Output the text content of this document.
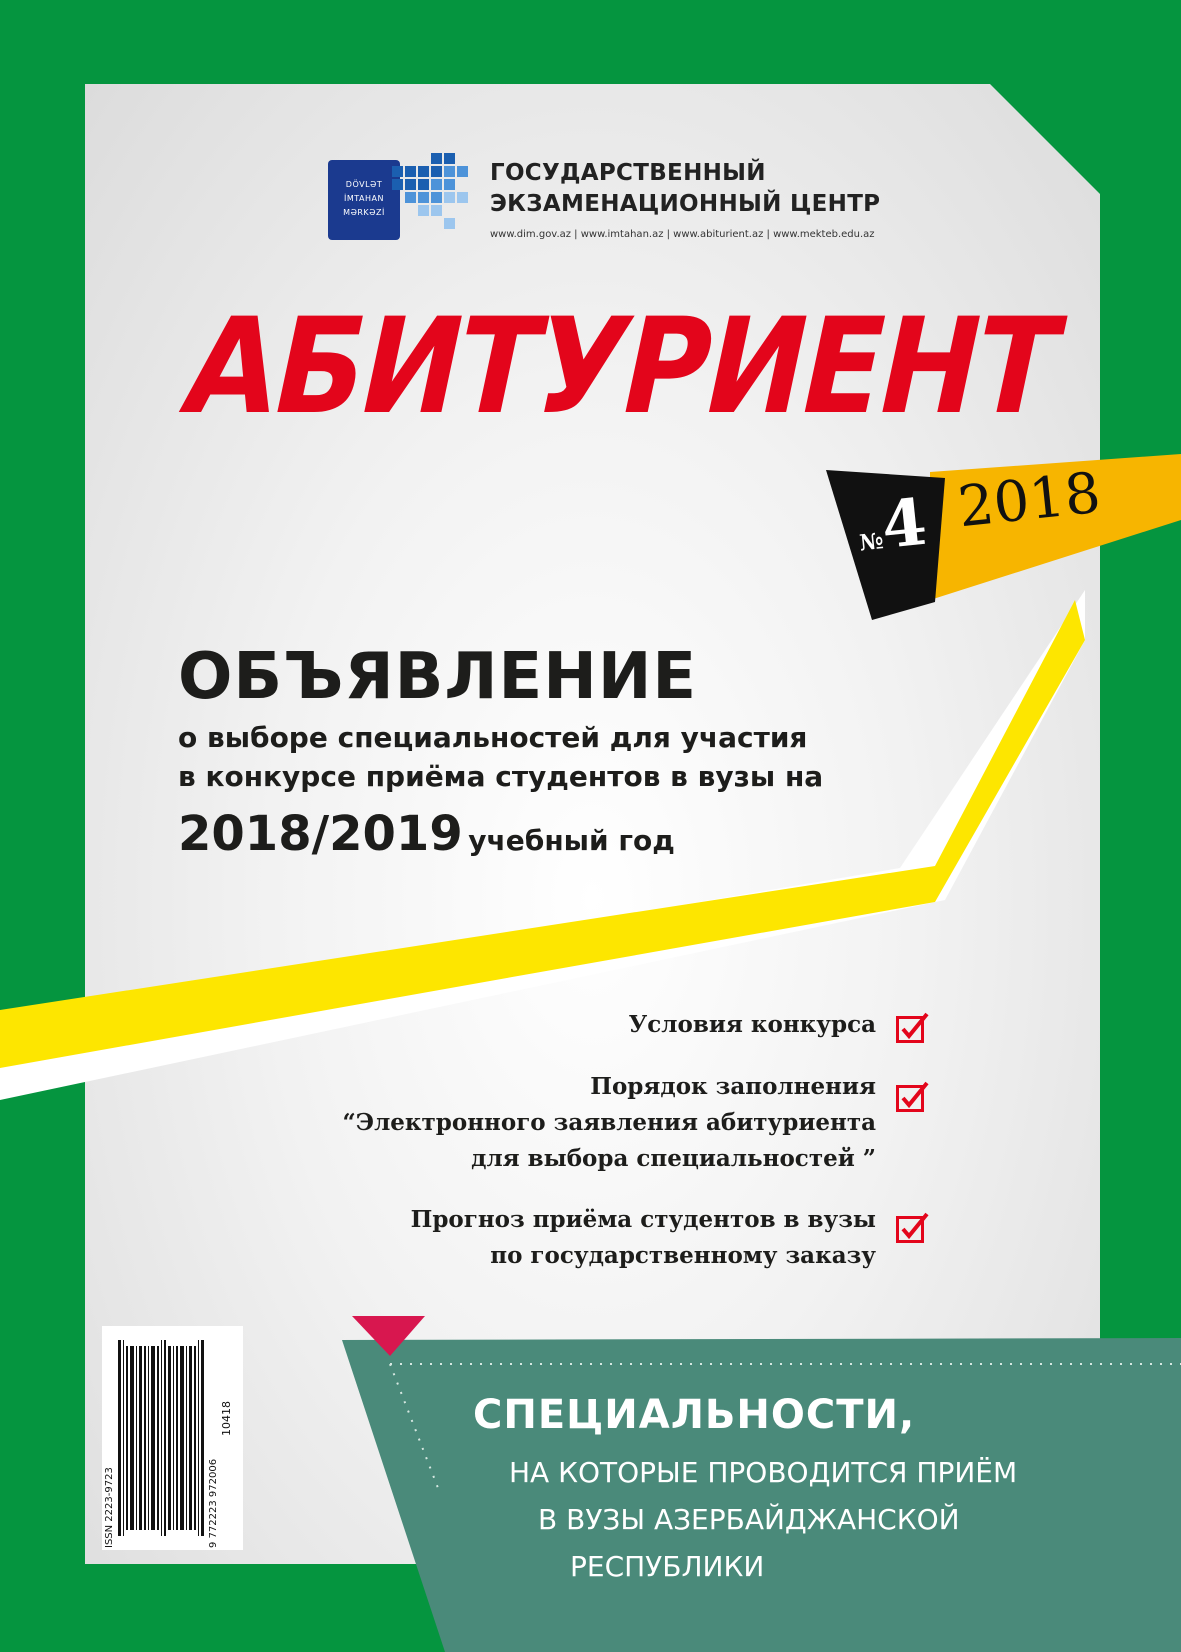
DÖVLƏT
İMTAHAN
MƏRKƏZİ
ГОСУДАРСТВЕННЫЙ
ЭКЗАМЕНАЦИОННЫЙ ЦЕНТР
www.dim.gov.az | www.imtahan.az | www.abiturient.az | www.mekteb.edu.az
АБИТУРИЕНТ
№4 2018
ОБЪЯВЛЕНИЕ
о выборе специальностей для участия
в конкурсе приёма студентов в вузы на
2018/2019 учебный год
Условия конкурса
Порядок заполнения
“Электронного заявления абитуриента
для выбора специальностей ”
Прогноз приёма студентов в вузы
по государственному заказу
10418
ISSN 2223-9723	9 772223 972006
СПЕЦИАЛЬНОСТИ,
НА КОТОРЫЕ ПРОВОДИТСЯ ПРИЁМ
В ВУЗЫ АЗЕРБАЙДЖАНСКОЙ
РЕСПУБЛИКИ
